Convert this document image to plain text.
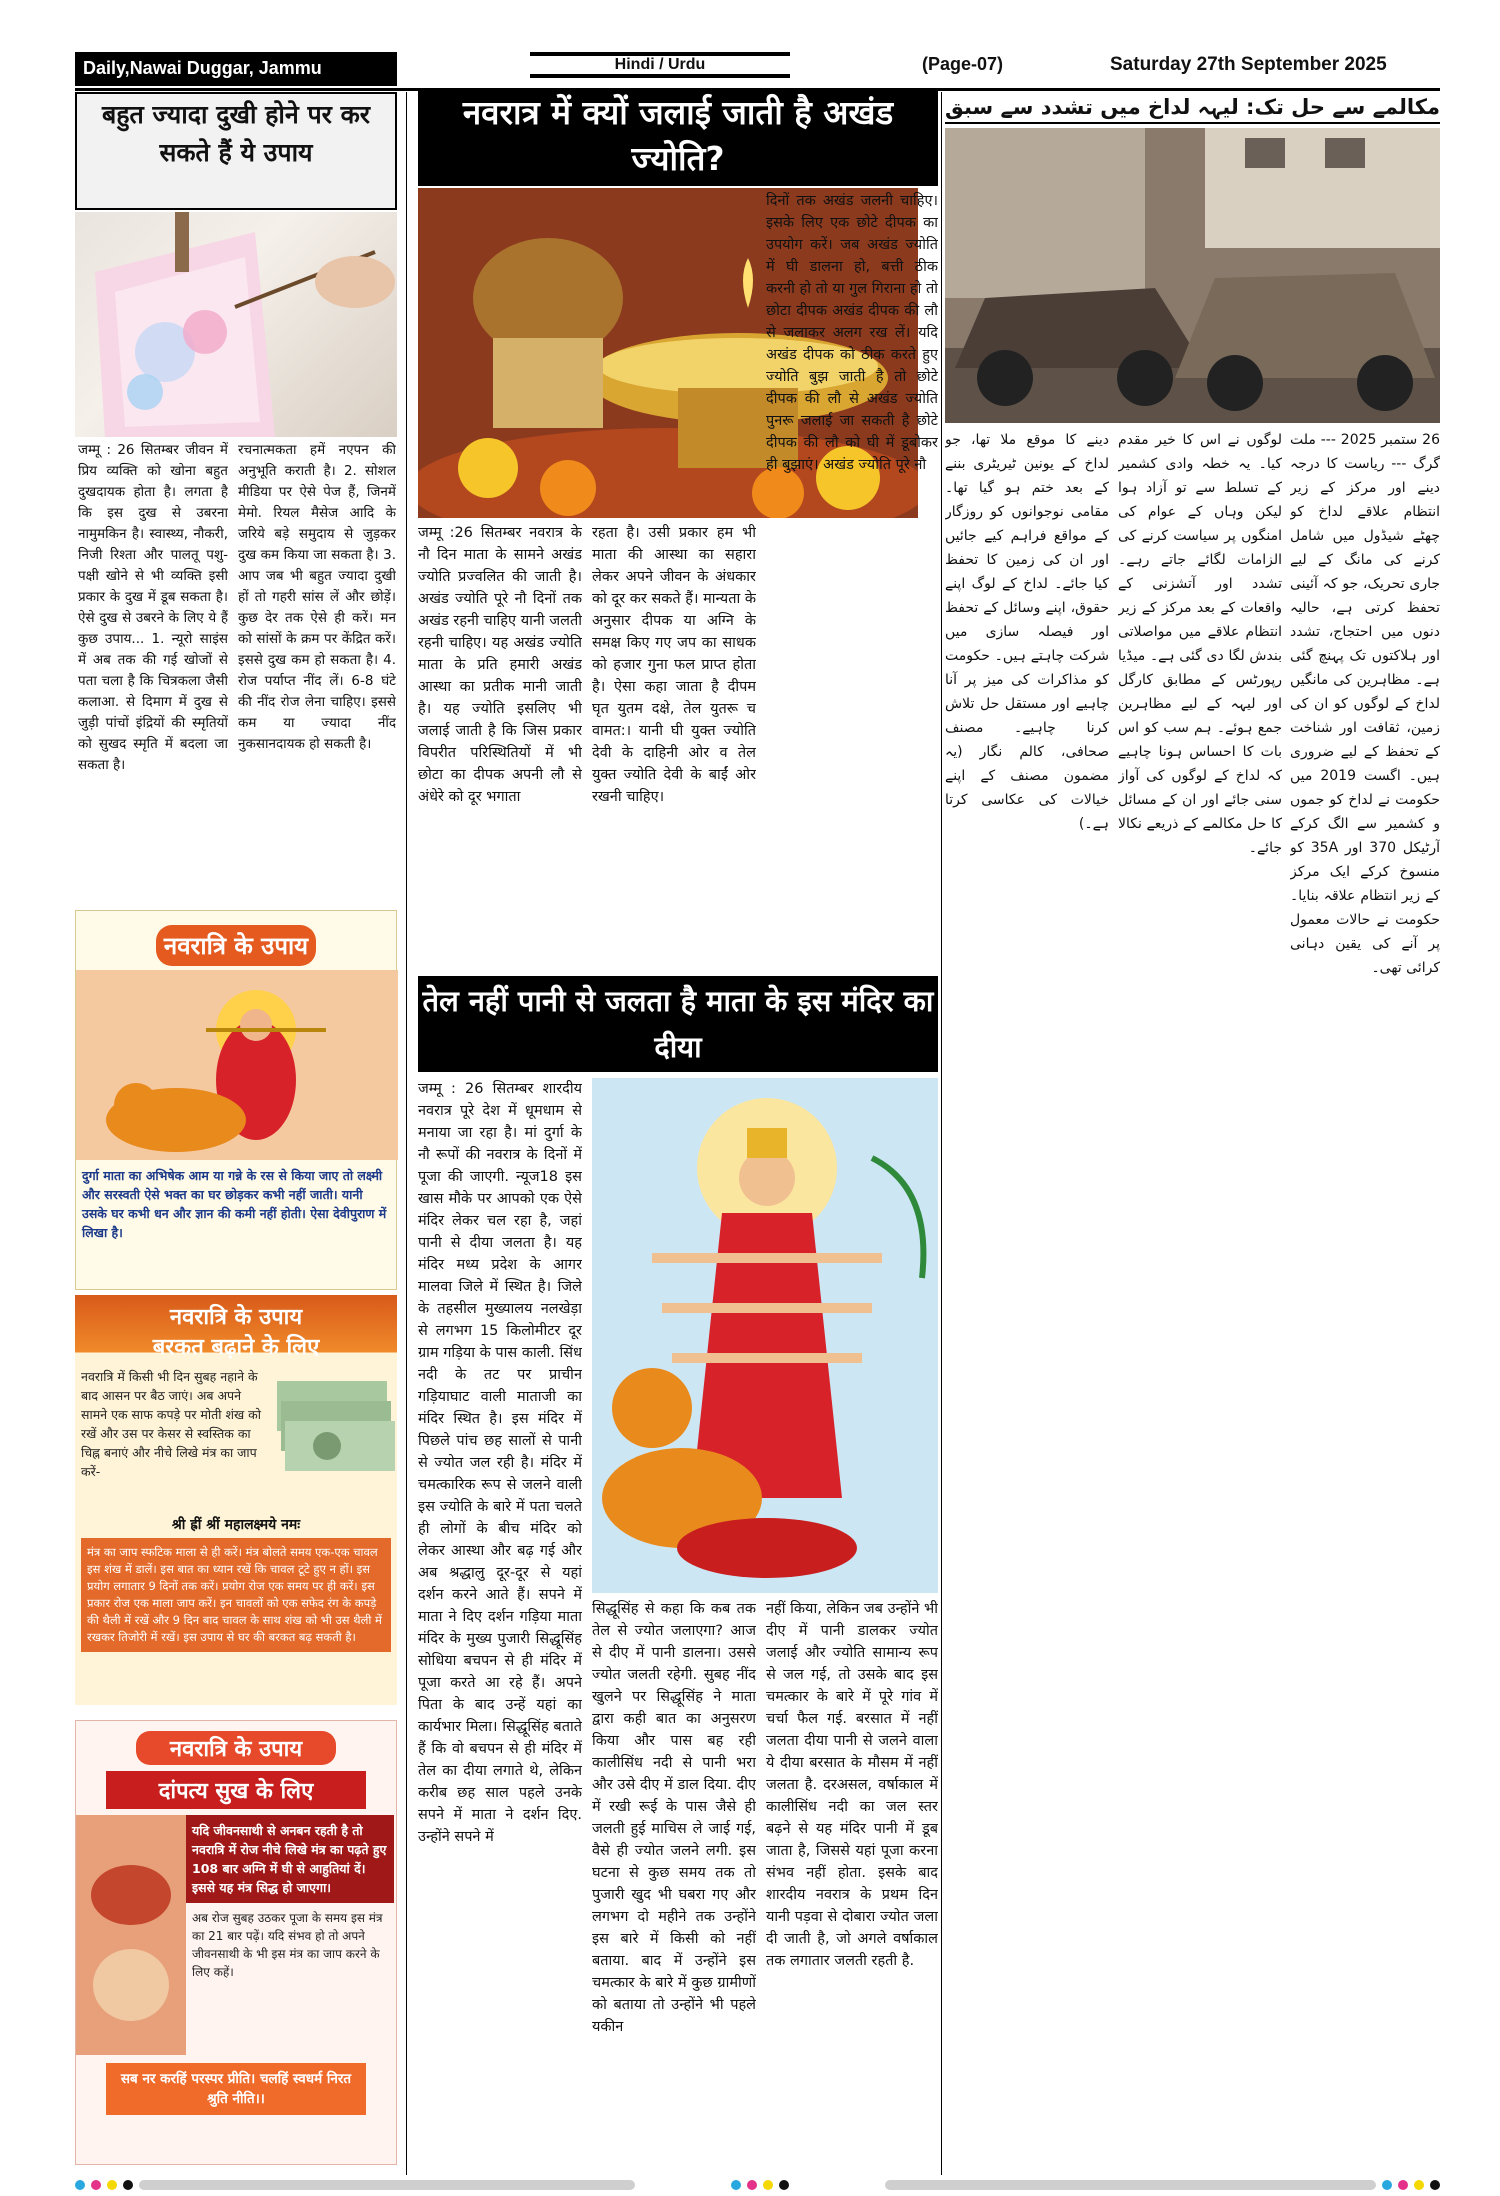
Daily,Nawai Duggar, Jammu	Hindi / Urdu	(Page-07)	Saturday 27th September 2025
बहुत ज्यादा दुखी होने पर कर सकते हैं ये उपाय
जम्मू : 26 सितम्बर जीवन में प्रिय व्यक्ति को खोना बहुत दुखदायक होता है। लगता है कि इस दुख से उबरना नामुमकिन है। स्वास्थ्य, नौकरी, निजी रिश्ता और पालतू पशु-पक्षी खोने से भी व्यक्ति इसी प्रकार के दुख में डूब सकता है। ऐसे दुख से उबरने के लिए ये हैं कुछ उपाय... 1. न्यूरो साइंस में अब तक की गई खोजों से पता चला है कि चित्रकला जैसी कलाआ. से दिमाग में दुख से जुड़ी पांचों इंद्रियों की स्मृतियों को सुखद स्मृति में बदला जा सकता है।
रचनात्मकता हमें नएपन की अनुभूति कराती है। 2. सोशल मीडिया पर ऐसे पेज हैं, जिनमें मेमो. रियल मैसेज आदि के जरिये बड़े समुदाय से जुड़कर दुख कम किया जा सकता है। 3. आप जब भी बहुत ज्यादा दुखी हों तो गहरी सांस लें और छोड़ें। कुछ देर तक ऐसे ही करें। मन को सांसों के क्रम पर केंद्रित करें। इससे दुख कम हो सकता है। 4. रोज पर्याप्त नींद लें। 6-8 घंटे की नींद रोज लेना चाहिए। इससे कम या ज्यादा नींद नुकसानदायक हो सकती है।
नवरात्रि के उपाय
दुर्गा माता का अभिषेक आम या गन्ने के रस से किया जाए तो लक्ष्मी और सरस्वती ऐसे भक्त का घर छोड़कर कभी नहीं जाती। यानी उसके घर कभी धन और ज्ञान की कमी नहीं होती। ऐसा देवीपुराण में लिखा है।
नवरात्रि के उपाय
बरकत बढ़ाने के लिए
नवरात्रि में किसी भी दिन सुबह नहाने के बाद आसन पर बैठ जाएं। अब अपने सामने एक साफ कपड़े पर मोती शंख को रखें और उस पर केसर से स्वस्तिक का चिह्न बनाएं और नीचे लिखे मंत्र का जाप करें-
श्री ह्रीं श्रीं महालक्ष्मये नमः
मंत्र का जाप स्फटिक माला से ही करें। मंत्र बोलते समय एक-एक चावल इस शंख में डालें। इस बात का ध्यान रखें कि चावल टूटे हुए न हों। इस प्रयोग लगातार 9 दिनों तक करें। प्रयोग रोज एक समय पर ही करें। इस प्रकार रोज एक माला जाप करें। इन चावलों को एक सफेद रंग के कपड़े की थैली में रखें और 9 दिन बाद चावल के साथ शंख को भी उस थैली में रखकर तिजोरी में रखें। इस उपाय से घर की बरकत बढ़ सकती है।
नवरात्रि के उपाय
दांपत्य सुख के लिए
यदि जीवनसाथी से अनबन रहती है तो नवरात्रि में रोज नीचे लिखे मंत्र का पढ़ते हुए 108 बार अग्नि में घी से आहुतियां दें। इससे यह मंत्र सिद्ध हो जाएगा।
अब रोज सुबह उठकर पूजा के समय इस मंत्र का 21 बार पढ़ें। यदि संभव हो तो अपने जीवनसाथी के भी इस मंत्र का जाप करने के लिए कहें।
सब नर करहिं परस्पर प्रीति। चलहिं स्वधर्म निरत श्रुति नीति।।
नवरात्र में क्यों जलाई जाती है अखंड ज्योति?
जम्मू :26 सितम्बर नवरात्र के नौ दिन माता के सामने अखंड ज्योति प्रज्वलित की जाती है। अखंड ज्योति पूरे नौ दिनों तक अखंड रहनी चाहिए यानी जलती रहनी चाहिए। यह अखंड ज्योति माता के प्रति हमारी अखंड आस्था का प्रतीक मानी जाती है। यह ज्योति इसलिए भी जलाई जाती है कि जिस प्रकार विपरीत परिस्थितियों में भी छोटा का दीपक अपनी लौ से अंधेरे को दूर भगाता
रहता है। उसी प्रकार हम भी माता की आस्था का सहारा लेकर अपने जीवन के अंधकार को दूर कर सकते हैं। मान्यता के अनुसार दीपक या अग्नि के समक्ष किए गए जप का साधक को हजार गुना फल प्राप्त होता है। ऐसा कहा जाता है दीपम घृत युतम दक्षे, तेल युतरू च वामत:। यानी घी युक्त ज्योति देवी के दाहिनी ओर व तेल युक्त ज्योति देवी के बाईं ओर रखनी चाहिए।
दिनों तक अखंड जलनी चाहिए। इसके लिए एक छोटे दीपक का उपयोग करें। जब अखंड ज्योति में घी डालना हो, बत्ती ठीक करनी हो तो या गुल गिराना हो तो छोटा दीपक अखंड दीपक की लौ से जलाकर अलग रख लें। यदि अखंड दीपक को ठीक करते हुए ज्योति बुझ जाती है तो छोटे दीपक की लौ से अखंड ज्योति पुनरू जलाई जा सकती है छोटे दीपक की लौ को घी में डूबोकर ही बुझाएं। अखंड ज्योति पूरे नौ
तेल नहीं पानी से जलता है माता के इस मंदिर का दीया
जम्मू : 26 सितम्बर शारदीय नवरात्र पूरे देश में धूमधाम से मनाया जा रहा है। मां दुर्गा के नौ रूपों की नवरात्र के दिनों में पूजा की जाएगी. न्यूज18 इस खास मौके पर आपको एक ऐसे मंदिर लेकर चल रहा है, जहां पानी से दीया जलता है। यह मंदिर मध्य प्रदेश के आगर मालवा जिले में स्थित है। जिले के तहसील मुख्यालय नलखेड़ा से लगभग 15 किलोमीटर दूर ग्राम गड़िया के पास काली. सिंध नदी के तट पर प्राचीन गड़ियाघाट वाली माताजी का मंदिर स्थित है। इस मंदिर में पिछले पांच छह सालों से पानी से ज्योत जल रही है। मंदिर में चमत्कारिक रूप से जलने वाली इस ज्योति के बारे में पता चलते ही लोगों के बीच मंदिर को लेकर आस्था और बढ़ गई और अब श्रद्धालु दूर-दूर से यहां दर्शन करने आते हैं। सपने में माता ने दिए दर्शन गड़िया माता मंदिर के मुख्य पुजारी सिद्धूसिंह सोधिया बचपन से ही मंदिर में पूजा करते आ रहे हैं। अपने पिता के बाद उन्हें यहां का कार्यभार मिला। सिद्धूसिंह बताते हैं कि वो बचपन से ही मंदिर में तेल का दीया लगाते थे, लेकिन करीब छह साल पहले उनके सपने में माता ने दर्शन दिए. उन्होंने सपने में
सिद्धूसिंह से कहा कि कब तक तेल से ज्योत जलाएगा? आज से दीए में पानी डालना। उससे ज्योत जलती रहेगी. सुबह नींद खुलने पर सिद्धूसिंह ने माता द्वारा कही बात का अनुसरण किया और पास बह रही कालीसिंध नदी से पानी भरा और उसे दीए में डाल दिया. दीए में रखी रूई के पास जैसे ही जलती हुई माचिस ले जाई गई, वैसे ही ज्योत जलने लगी. इस घटना से कुछ समय तक तो पुजारी खुद भी घबरा गए और लगभग दो महीने तक उन्होंने इस बारे में किसी को नहीं बताया. बाद में उन्होंने इस चमत्कार के बारे में कुछ ग्रामीणों को बताया तो उन्होंने भी पहले यकीन
नहीं किया, लेकिन जब उन्होंने भी दीए में पानी डालकर ज्योत जलाई और ज्योति सामान्य रूप से जल गई, तो उसके बाद इस चमत्कार के बारे में पूरे गांव में चर्चा फैल गई. बरसात में नहीं जलता दीया पानी से जलने वाला ये दीया बरसात के मौसम में नहीं जलता है. दरअसल, वर्षाकाल में कालीसिंध नदी का जल स्तर बढ़ने से यह मंदिर पानी में डूब जाता है, जिससे यहां पूजा करना संभव नहीं होता. इसके बाद शारदीय नवरात्र के प्रथम दिन यानी पड़वा से दोबारा ज्योत जला दी जाती है, जो अगले वर्षाकाल तक लगातार जलती रहती है.
مکالمے سے حل تک: لیہہ لداخ میں تشدد سے سبق
26 ستمبر 2025 --- ملت گرگ --- ریاست کا درجہ دینے اور مرکز کے زیر انتظام علاقے لداخ کو چھٹے شیڈول میں شامل کرنے کی مانگ کے لیے جاری تحریک، جو کہ آئینی تحفظ کرتی ہے، حالیہ دنوں میں احتجاج، تشدد اور ہلاکتوں تک پہنچ گئی ہے۔ مظاہرین کی مانگیں لداخ کے لوگوں کو ان کی زمین، ثقافت اور شناخت کے تحفظ کے لیے ضروری ہیں۔ اگست 2019 میں حکومت نے لداخ کو جموں و کشمیر سے الگ کرکے آرٹیکل 370 اور 35A کو منسوخ کرکے ایک مرکز کے زیر انتظام علاقہ بنایا۔ حکومت نے حالات معمول پر آنے کی یقین دہانی کرائی تھی۔
لوگوں نے اس کا خیر مقدم کیا۔ یہ خطہ وادی کشمیر کے تسلط سے تو آزاد ہوا لیکن وہاں کے عوام کی امنگوں پر سیاست کرنے کی الزامات لگائے جاتے رہے۔ تشدد اور آتشزنی کے واقعات کے بعد مرکز کے زیر انتظام علاقے میں مواصلاتی بندش لگا دی گئی ہے۔ میڈیا رپورٹس کے مطابق کارگل اور لیہہ کے لیے مظاہرین جمع ہوئے۔ ہم سب کو اس بات کا احساس ہونا چاہیے کہ لداخ کے لوگوں کی آواز سنی جائے اور ان کے مسائل کا حل مکالمے کے ذریعے نکالا جائے۔
دینے کا موقع ملا تھا، جو لداخ کے یونین ٹیریٹری بننے کے بعد ختم ہو گیا تھا۔ مقامی نوجوانوں کو روزگار کے مواقع فراہم کیے جائیں اور ان کی زمین کا تحفظ کیا جائے۔ لداخ کے لوگ اپنے حقوق، اپنے وسائل کے تحفظ اور فیصلہ سازی میں شرکت چاہتے ہیں۔ حکومت کو مذاکرات کی میز پر آنا چاہیے اور مستقل حل تلاش کرنا چاہیے۔ مصنف صحافی، کالم نگار (یہ مضمون مصنف کے اپنے خیالات کی عکاسی کرتا ہے۔)
